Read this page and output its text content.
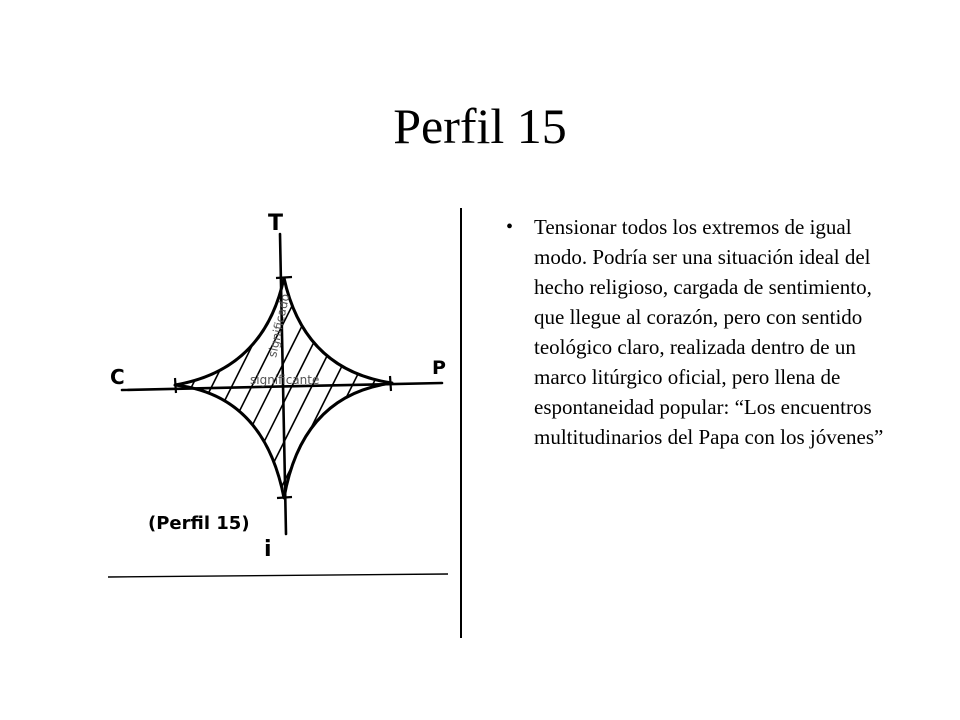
Perfil 15
T
i
C	P
significado
significante
(Perfil 15)
• Tensionar todos los extremos de igual modo. Podría ser una situación ideal del hecho religioso, cargada de sentimiento, que llegue al corazón, pero con sentido teológico claro, realizada dentro de un marco litúrgico oficial, pero llena de espontaneidad popular: “Los encuentros multitudinarios del Papa con los jóvenes”
